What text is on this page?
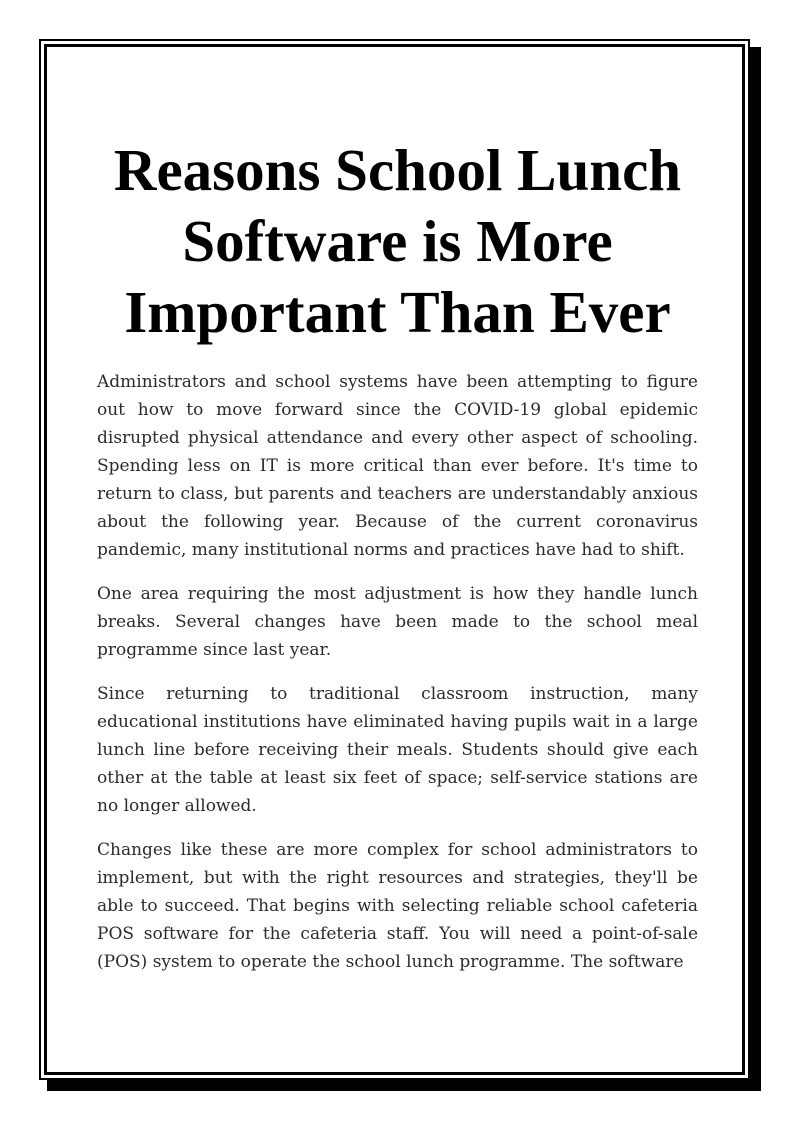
Reasons School Lunch Software is More Important Than Ever

Administrators and school systems have been attempting to figure out how to move forward since the COVID-19 global epidemic disrupted physical attendance and every other aspect of schooling. Spending less on IT is more critical than ever before. It's time to return to class, but parents and teachers are understandably anxious about the following year. Because of the current coronavirus pandemic, many institutional norms and practices have had to shift.

One area requiring the most adjustment is how they handle lunch breaks. Several changes have been made to the school meal programme since last year.

Since returning to traditional classroom instruction, many educational institutions have eliminated having pupils wait in a large lunch line before receiving their meals. Students should give each other at the table at least six feet of space; self-service stations are no longer allowed.

Changes like these are more complex for school administrators to implement, but with the right resources and strategies, they'll be able to succeed. That begins with selecting reliable school cafeteria POS software for the cafeteria staff. You will need a point-of-sale (POS) system to operate the school lunch programme. The software
